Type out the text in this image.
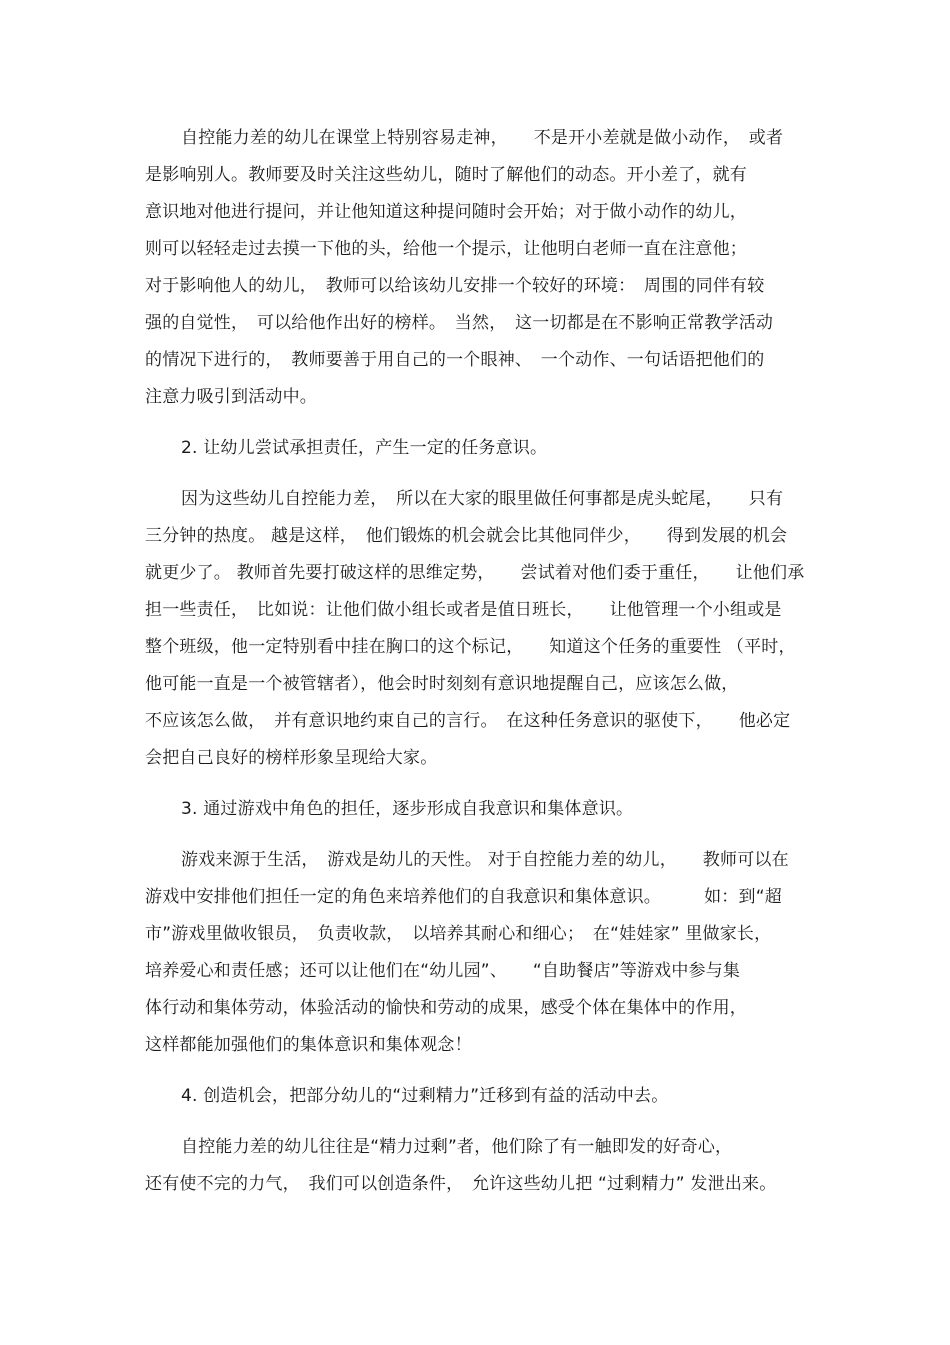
自控能力差的幼儿在课堂上特别容易走神，　　不是开小差就是做小动作，　或者
是影响别人。教师要及时关注这些幼儿，随时了解他们的动态。开小差了，就有
意识地对他进行提问，并让他知道这种提问随时会开始；对于做小动作的幼儿，
则可以轻轻走过去摸一下他的头，给他一个提示，让他明白老师一直在注意他；
对于影响他人的幼儿，　教师可以给该幼儿安排一个较好的环境：　周围的同伴有较
强的自觉性，　可以给他作出好的榜样。　当然，　这一切都是在不影响正常教学活动
的情况下进行的，　教师要善于用自己的一个眼神、　一个动作、一句话语把他们的
注意力吸引到活动中。
2. 让幼儿尝试承担责任，产生一定的任务意识。
因为这些幼儿自控能力差，　所以在大家的眼里做任何事都是虎头蛇尾，　　只有
三分钟的热度。 越是这样，　他们锻炼的机会就会比其他同伴少，　　得到发展的机会
就更少了。 教师首先要打破这样的思维定势，　　尝试着对他们委于重任，　　让他们承
担一些责任，　比如说：让他们做小组长或者是值日班长，　　让他管理一个小组或是
整个班级，他一定特别看中挂在胸口的这个标记，　　知道这个任务的重要性 （平时，
他可能一直是一个被管辖者），他会时时刻刻有意识地提醒自己，应该怎么做，
不应该怎么做，　并有意识地约束自己的言行。　在这种任务意识的驱使下，　　他必定
会把自己良好的榜样形象呈现给大家。
3. 通过游戏中角色的担任，逐步形成自我意识和集体意识。
游戏来源于生活，　游戏是幼儿的天性。 对于自控能力差的幼儿，　　教师可以在
游戏中安排他们担任一定的角色来培养他们的自我意识和集体意识。　　　如：到“超
市”游戏里做收银员，　负责收款，　以培养其耐心和细心；　在“娃娃家” 里做家长，
培养爱心和责任感；还可以让他们在“幼儿园”、　　“自助餐店”等游戏中参与集
体行动和集体劳动，体验活动的愉快和劳动的成果，感受个体在集体中的作用，
这样都能加强他们的集体意识和集体观念！
4. 创造机会，把部分幼儿的“过剩精力”迁移到有益的活动中去。
自控能力差的幼儿往往是“精力过剩”者，他们除了有一触即发的好奇心，
还有使不完的力气，　我们可以创造条件，　允许这些幼儿把 “过剩精力” 发泄出来。
